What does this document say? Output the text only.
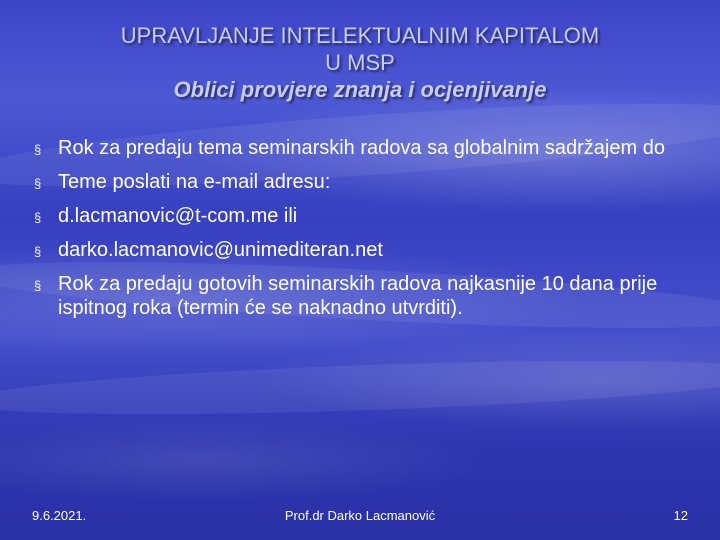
UPRAVLJANJE INTELEKTUALNIM KAPITALOM
U MSP
Oblici provjere znanja i ocjenjivanje
§ Rok za predaju tema seminarskih radova sa globalnim sadržajem do
§ Teme poslati na e-mail adresu:
§ d.lacmanovic@t-com.me ili
§ darko.lacmanovic@unimediteran.net
§ Rok za predaju gotovih seminarskih radova najkasnije 10 dana prije ispitnog roka (termin će se naknadno utvrditi).
9.6.2021.	Prof.dr Darko Lacmanović	12
